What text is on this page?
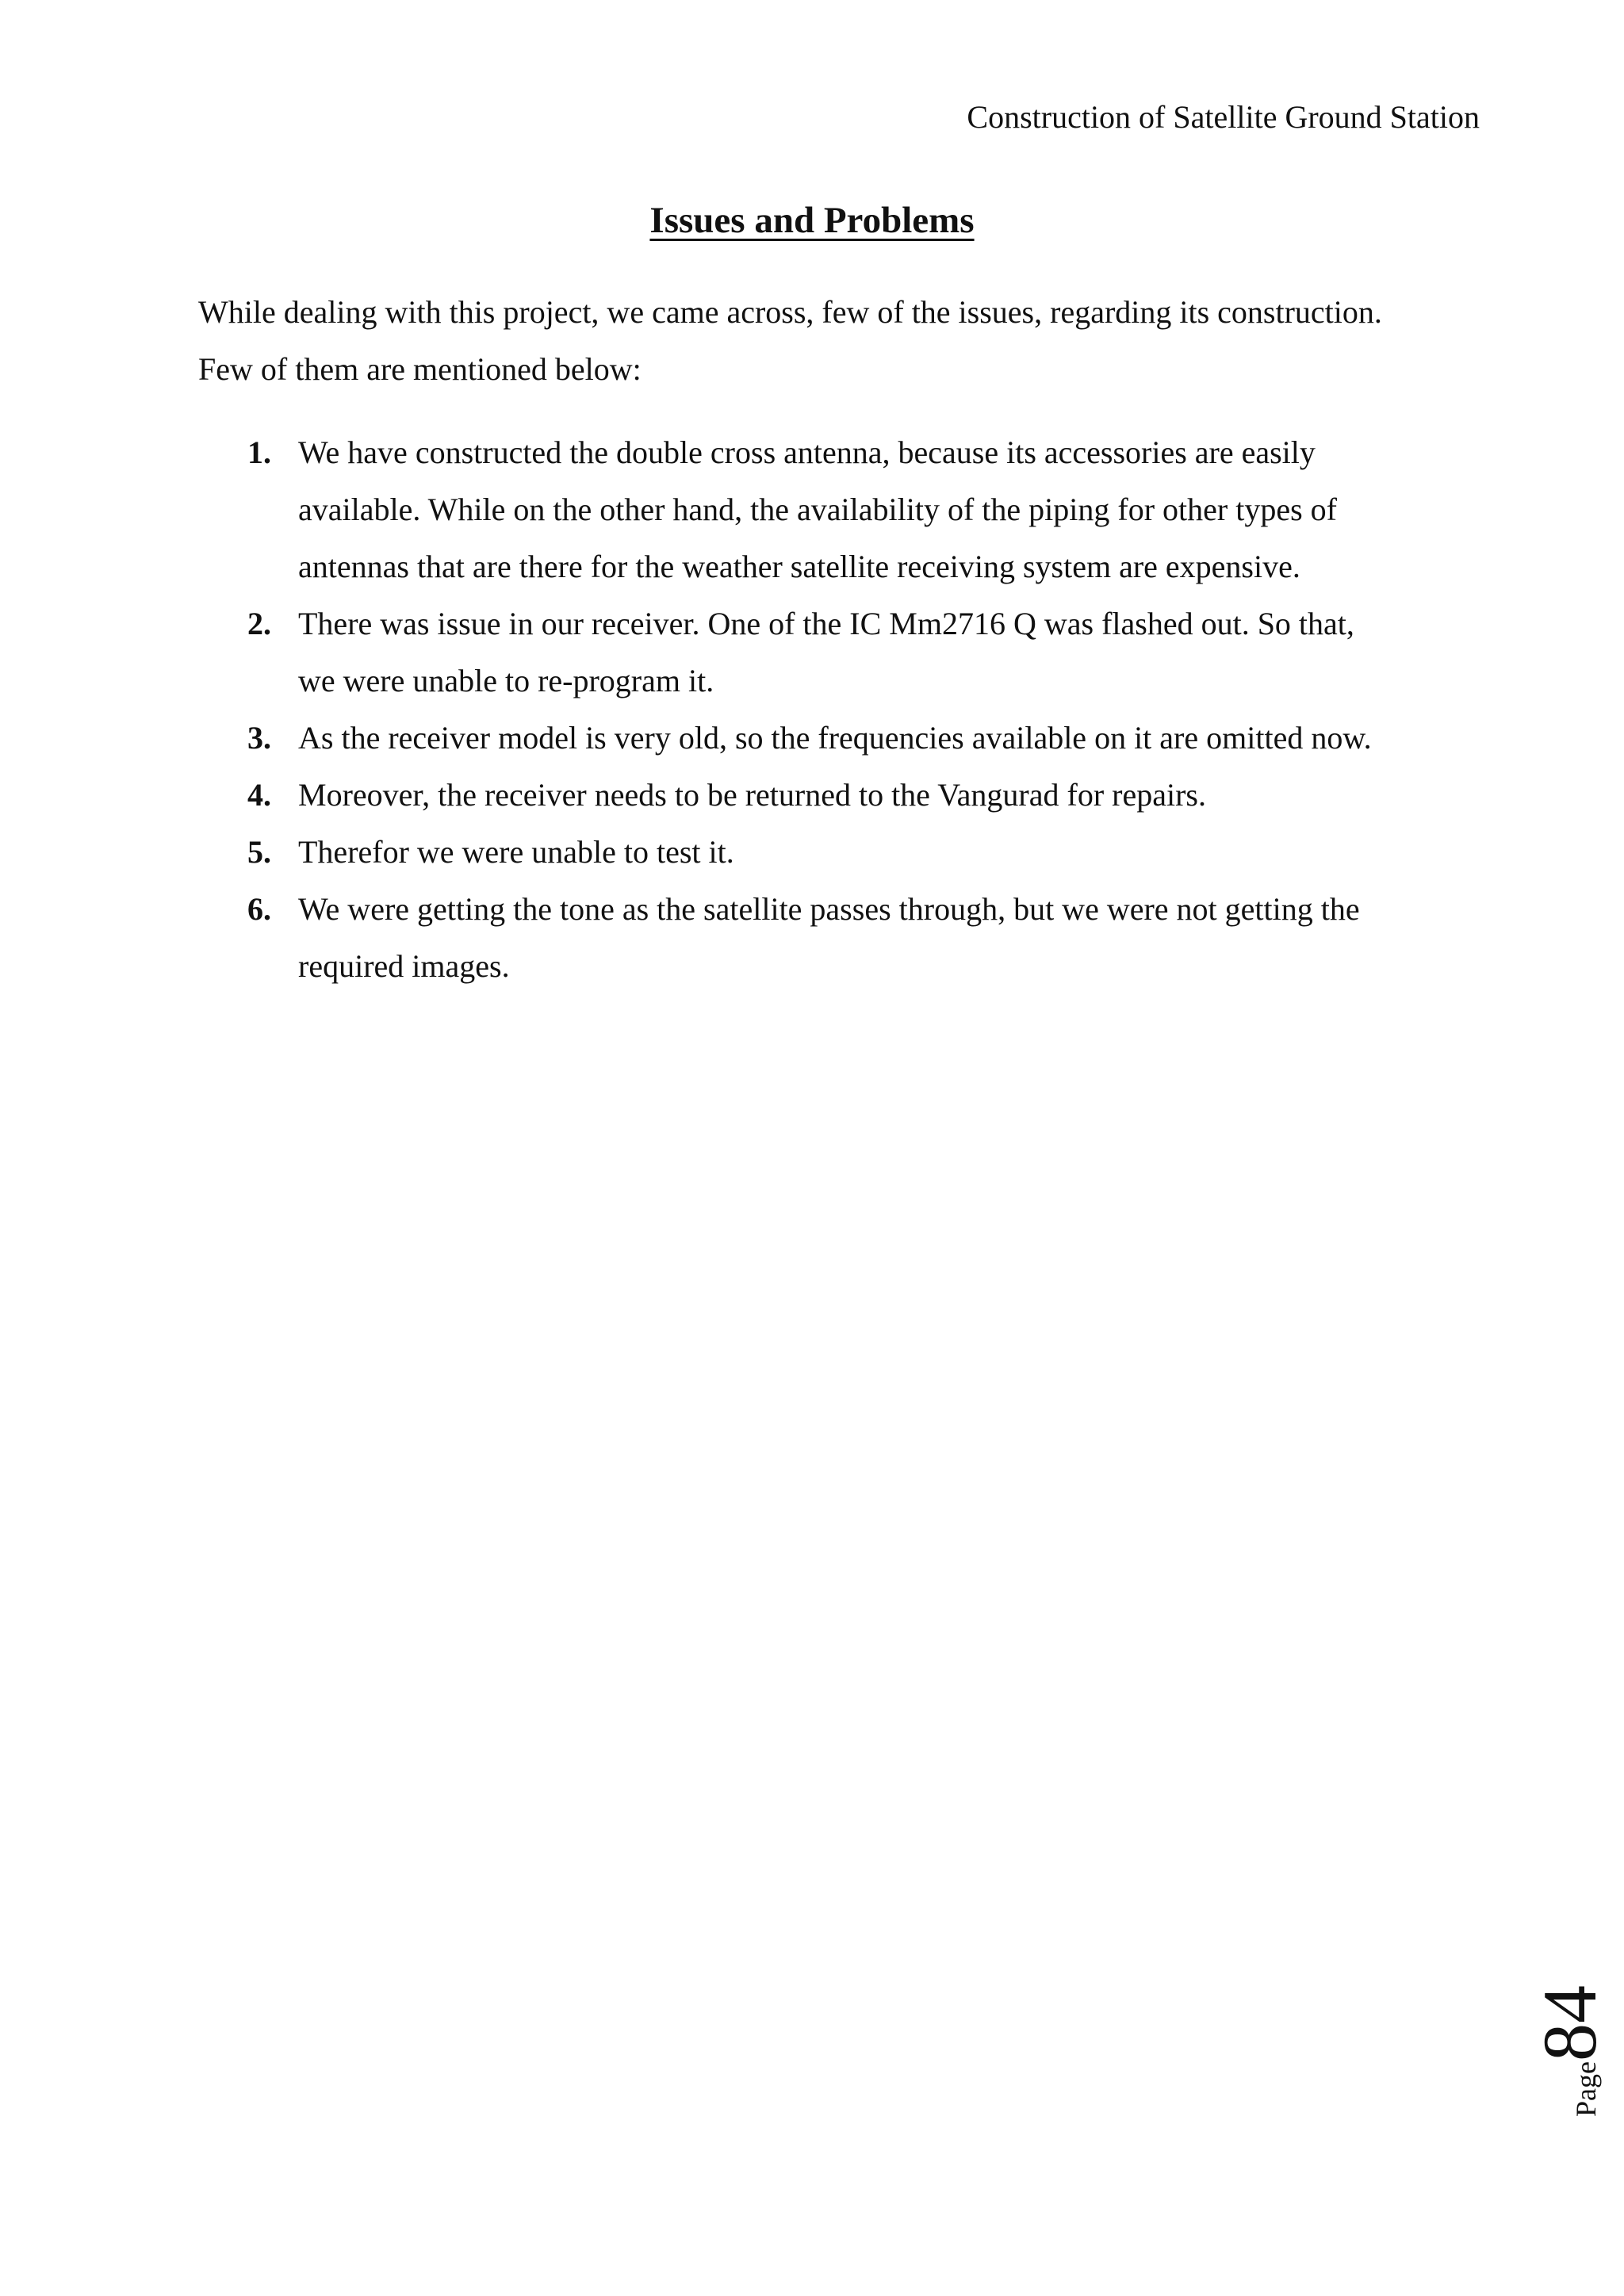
Construction of Satellite Ground Station
Issues and Problems

While dealing with this project, we came across, few of the issues, regarding its construction.
Few of them are mentioned below:

1. We have constructed the double cross antenna, because its accessories are easily
available. While on the other hand, the availability of the piping for other types of
antennas that are there for the weather satellite receiving system are expensive.
2. There was issue in our receiver. One of the IC Mm2716 Q was flashed out. So that,
we were unable to re-program it.
3. As the receiver model is very old, so the frequencies available on it are omitted now.
4. Moreover, the receiver needs to be returned to the Vangurad for repairs.
5. Therefor we were unable to test it.
6. We were getting the tone as the satellite passes through, but we were not getting the
required images.
Page84
